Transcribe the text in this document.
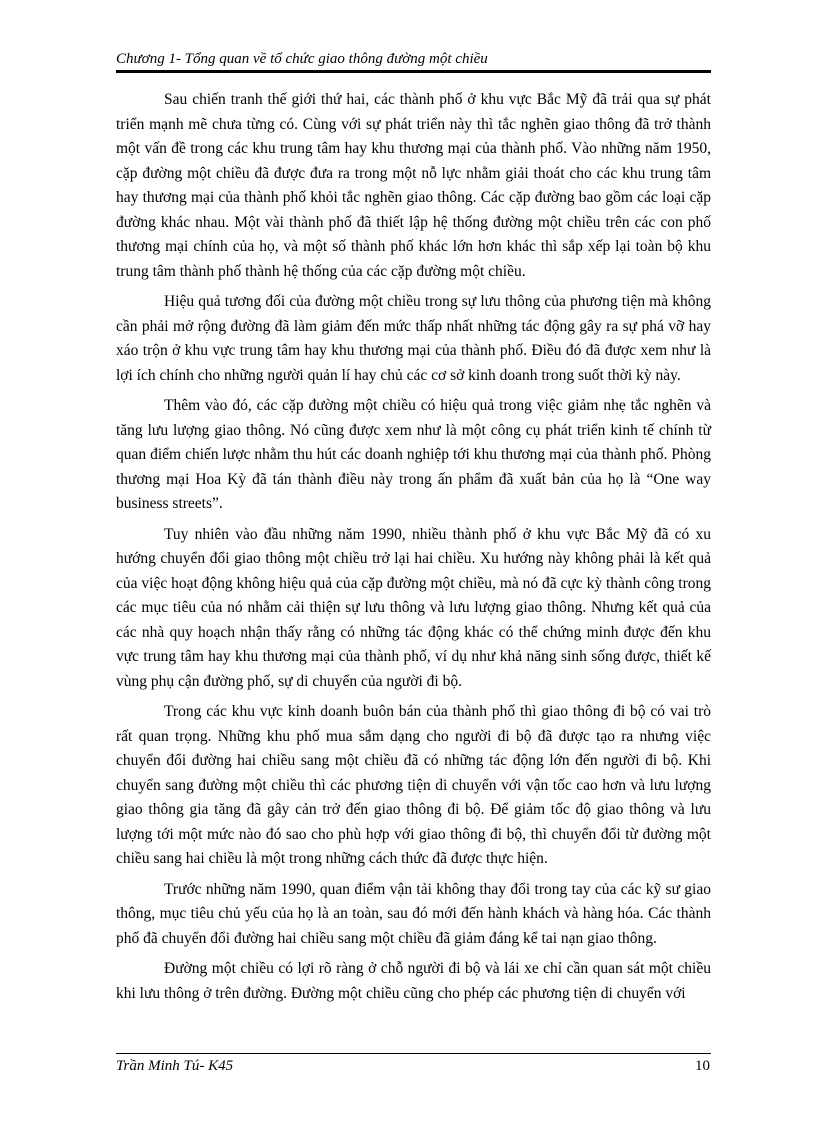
Chương 1- Tổng quan về tổ chức giao thông đường một chiều

Sau chiến tranh thế giới thứ hai, các thành phố ở khu vực Bắc Mỹ đã trải qua sự phát triển mạnh mẽ chưa từng có. Cùng với sự phát triển này thì tắc nghẽn giao thông đã trở thành một vấn đề trong các khu trung tâm hay khu thương mại của thành phố. Vào những năm 1950, cặp đường một chiều đã được đưa ra trong một nỗ lực nhằm giải thoát cho các khu trung tâm hay thương mại của thành phố khỏi tắc nghẽn giao thông. Các cặp đường bao gồm các loại cặp đường khác nhau. Một vài thành phố đã thiết lập hệ thống đường một chiều trên các con phố thương mại chính của họ, và một số thành phố khác lớn hơn khác thì sắp xếp lại toàn bộ khu trung tâm thành phố thành hệ thống của các cặp đường một chiều.

Hiệu quả tương đối của đường một chiều trong sự lưu thông của phương tiện mà không cần phải mở rộng đường đã làm giảm đến mức thấp nhất những tác động gây ra sự phá vỡ hay xáo trộn ở khu vực trung tâm hay khu thương mại của thành phố. Điều đó đã được xem như là lợi ích chính cho những người quản lí hay chủ các cơ sở kinh doanh trong suốt thời kỳ này.

Thêm vào đó, các cặp đường một chiều có hiệu quả trong việc giảm nhẹ tắc nghẽn và tăng lưu lượng giao thông. Nó cũng được xem như là một công cụ phát triển kinh tế chính từ quan điểm chiến lược nhằm thu hút các doanh nghiệp tới khu thương mại của thành phố. Phòng thương mại Hoa Kỳ đã tán thành điều này trong ấn phẩm đã xuất bản của họ là “One way business streets”.

Tuy nhiên vào đầu những năm 1990, nhiều thành phố ở khu vực Bắc Mỹ đã có xu hướng chuyển đổi giao thông một chiều trở lại hai chiều. Xu hướng này không phải là kết quả của việc hoạt động không hiệu quả của cặp đường một chiều, mà nó đã cực kỳ thành công trong các mục tiêu của nó nhằm cải thiện sự lưu thông và lưu lượng giao thông. Nhưng kết quả của các nhà quy hoạch nhận thấy rằng có những tác động khác có thể chứng minh được đến khu vực trung tâm hay khu thương mại của thành phố, ví dụ như khả năng sinh sống được, thiết kế vùng phụ cận đường phố, sự di chuyển của người đi bộ.

Trong các khu vực kinh doanh buôn bán của thành phố thì giao thông đi bộ có vai trò rất quan trọng. Những khu phố mua sắm dạng cho người đi bộ đã được tạo ra nhưng việc chuyển đổi đường hai chiều sang một chiều đã có những tác động lớn đến người đi bộ. Khi chuyển sang đường một chiều thì các phương tiện di chuyển với vận tốc cao hơn và lưu lượng giao thông gia tăng đã gây cản trở đến giao thông đi bộ. Để giảm tốc độ giao thông và lưu lượng tới một mức nào đó sao cho phù hợp với giao thông đi bộ, thì chuyển đổi từ đường một chiều sang hai chiều là một trong những cách thức đã được thực hiện.

Trước những năm 1990, quan điểm vận tải không thay đổi trong tay của các kỹ sư giao thông, mục tiêu chủ yếu của họ là an toàn, sau đó mới đến hành khách và hàng hóa. Các thành phố đã chuyển đổi đường hai chiều sang một chiều đã giảm đáng kể tai nạn giao thông.

Đường một chiều có lợi rõ ràng ở chỗ người đi bộ và lái xe chỉ cần quan sát một chiều khi lưu thông ở trên đường. Đường một chiều cũng cho phép các phương tiện di chuyển với

Trần Minh Tú- K45	10
